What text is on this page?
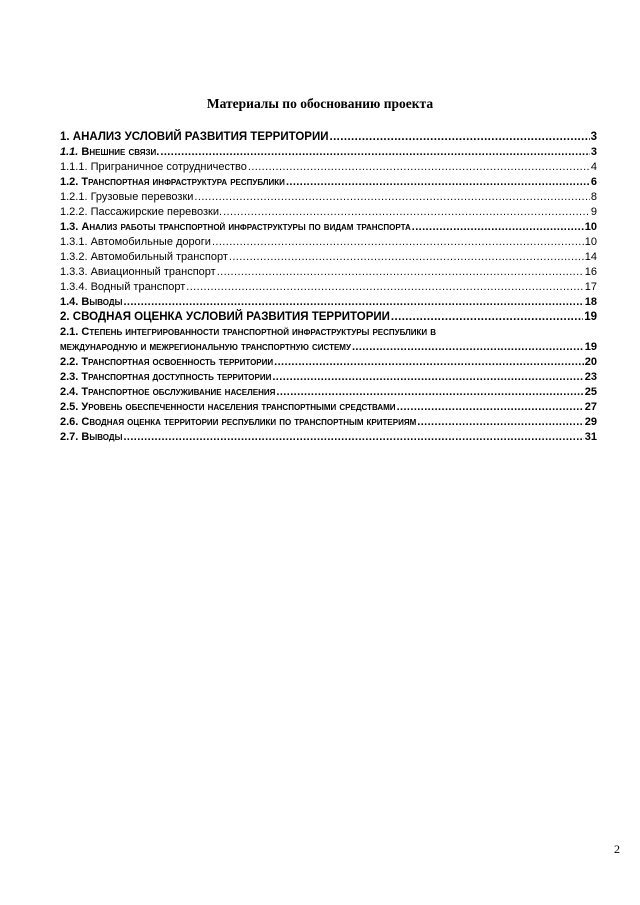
Материалы по обоснованию проекта
1. АНАЛИЗ УСЛОВИЙ РАЗВИТИЯ ТЕРРИТОРИИ .....	3
1.1. Внешние связи. .....	3
1.1.1. Приграничное сотрудничество .....	4
1.2. Транспортная инфраструктура республики .....	6
1.2.1. Грузовые перевозки .....	8
1.2.2. Пассажирские перевозки. .....	9
1.3. Анализ работы транспортной инфраструктуры по видам транспорта .....	10
1.3.1. Автомобильные дороги .....	10
1.3.2. Автомобильный транспорт .....	14
1.3.3. Авиационный транспорт .....	16
1.3.4. Водный транспорт .....	17
1.4. Выводы .....	18
2. СВОДНАЯ ОЦЕНКА УСЛОВИЙ РАЗВИТИЯ ТЕРРИТОРИИ .....	19
2.1. Степень интегрированности транспортной инфраструктуры республики в
международную и межрегиональную транспортную систему .....	19
2.2. Транспортная освоенность территории .....	20
2.3. Транспортная доступность территории .....	23
2.4. Транспортное обслуживание населения .....	25
2.5. Уровень обеспеченности населения транспортными средствами .....	27
2.6. Сводная оценка территории республики по транспортным критериям .....	29
2.7. Выводы .....	31
2
